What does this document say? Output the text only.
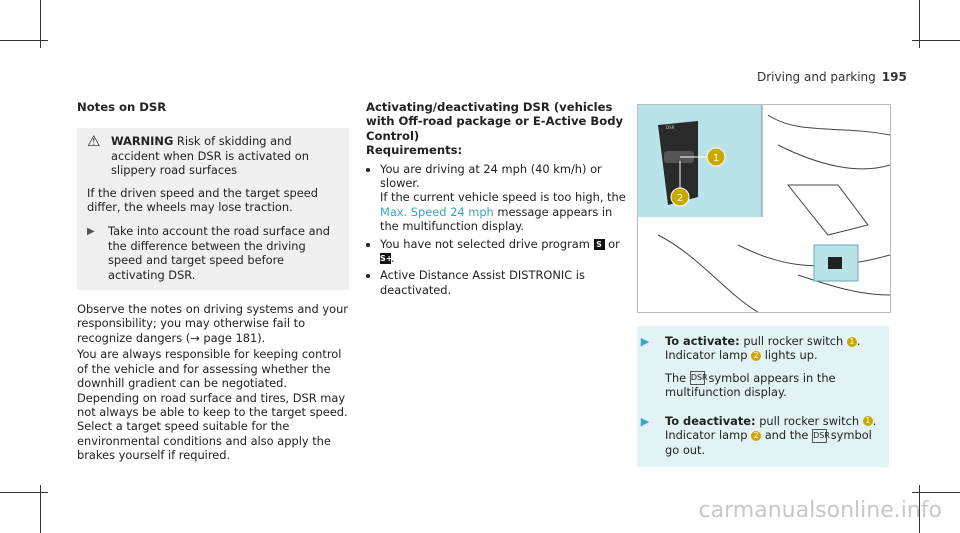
Driving and parking 195
Notes on DSR
⚠ WARNING Risk of skidding and accident when DSR is activated on slippery road surfaces

If the driven speed and the target speed differ, the wheels may lose traction.

▶	Take into account the road surface and the difference between the driving speed and target speed before activating DSR.

Observe the notes on driving systems and your responsibility; you may otherwise fail to recognize dangers (→ page 181).

You are always responsible for keeping control of the vehicle and for assessing whether the downhill gradient can be negotiated. Depending on road surface and tires, DSR may not always be able to keep to the target speed. Select a target speed suitable for the environmental conditions and also apply the brakes yourself if required.

Activating/deactivating DSR (vehicles with Off-road package or E-Active Body Control)
Requirements:
• You are driving at 24 mph (40 km/h) or slower.
If the current vehicle speed is too high, the Max. Speed 24 mph message appears in the multifunction display.
• You have not selected drive program S or
S+.
• Active Distance Assist DISTRONIC is deactivated.
DSR
1
2
▶	To activate: pull rocker switch 1 .

Indicator lamp 2 lights up.

The DSR symbol appears in the multifunction display.

▶	To deactivate: pull rocker switch 1 .

Indicator lamp 2 and the DSR symbol go out.

carmanualsonline.info
